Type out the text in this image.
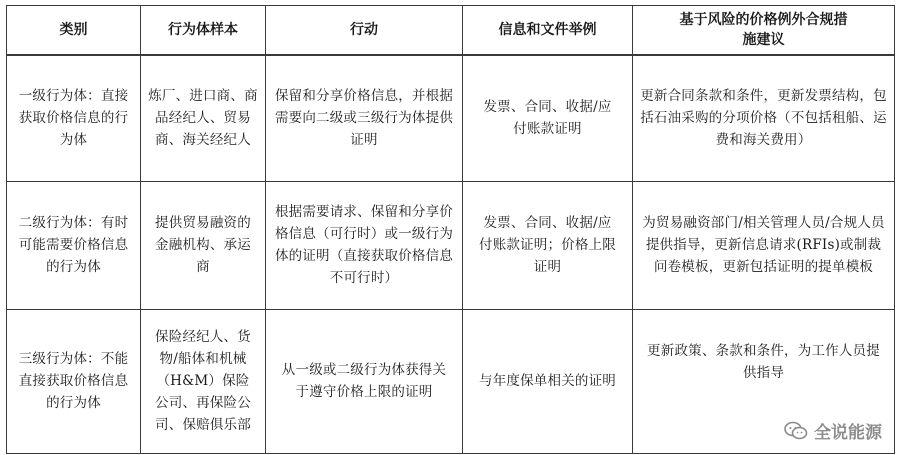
类别	行为体样本	行动	信息和文件举例	基于风险的价格例外合规措施建议
一级行为体：直接获取价格信息的行为体	炼厂、进口商、商品经纪人、贸易商、海关经纪人	保留和分享价格信息，并根据需要向二级或三级行为体提供证明	发票、合同、收据/应付账款证明	更新合同条款和条件，更新发票结构，包括石油采购的分项价格（不包括租船、运费和海关费用）
二级行为体：有时可能需要价格信息的行为体	提供贸易融资的金融机构、承运商	根据需要请求、保留和分享价格信息（可行时）或一级行为体的证明（直接获取价格信息不可行时）	发票、合同、收据/应付账款证明；价格上限证明	为贸易融资部门/相关管理人员/合规人员提供指导，更新信息请求(RFIs)或制裁问卷模板，更新包括证明的提单模板
三级行为体：不能直接获取价格信息的行为体	保险经纪人、货物/船体和机械（H&M）保险公司、再保险公司、保赔俱乐部	从一级或二级行为体获得关于遵守价格上限的证明	与年度保单相关的证明	更新政策、条款和条件，为工作人员提供指导
全说能源
